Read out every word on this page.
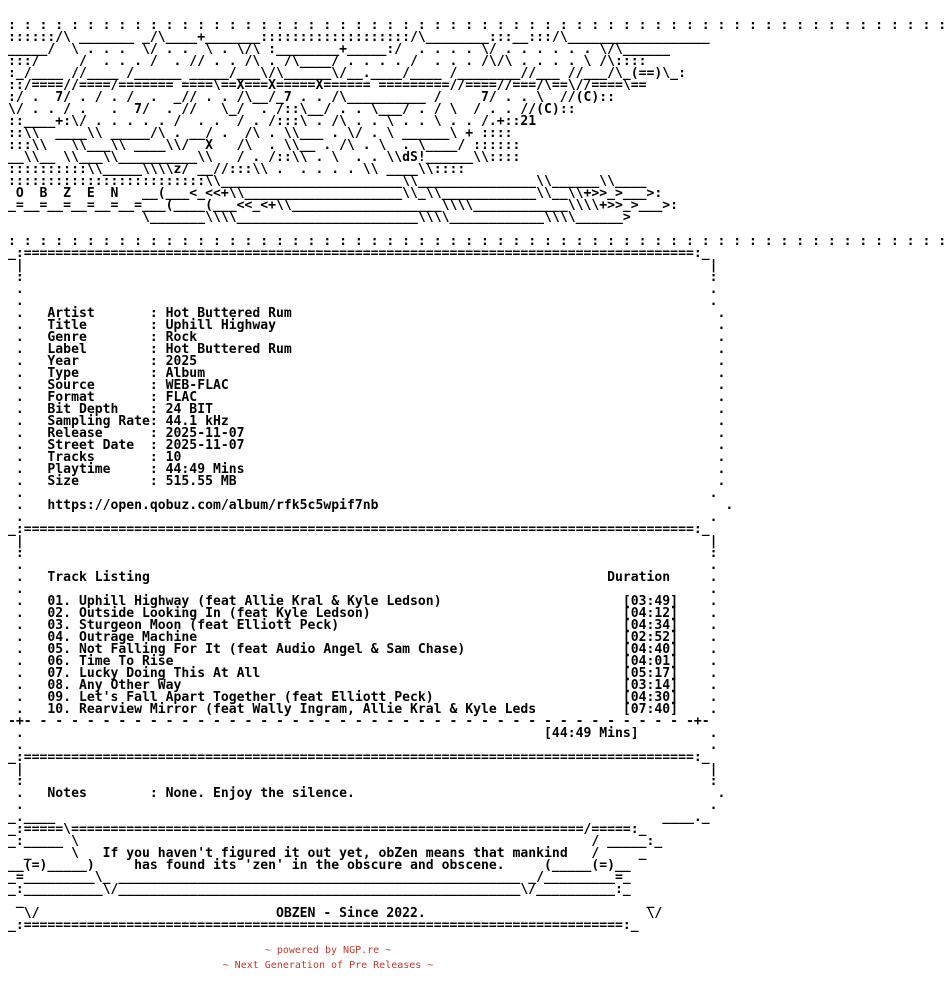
: : : : : : : : : : : : : : : : : : : : : : : : : : : : : : : : : : : : : : : : : : : : : : : : : : : : : : : : : : : :
::::::/\ _______ _/\____+_______:::::::::::::::::::/\________:::__:::/\__________________
_____/  \ . . .  \/ . .  \ . \/\ :________+_____:/  . . . . \/ . . . . . . \/\______
:::/     /  . . . /  . // . . /\ . /\____/ . . . . /  . . . /\/\ . . . . \ /\::::
:_/____ //____ /______ _____/___\/\______\/__.____/____ /________//___ //___/\_(==)\_:
::/====//====/======= ====\==X===X=====X====== =========//====//===/\==\//====\==
:/ .  7/ . / . /  .  _// . . /\__/_7 . . /\__________ /     7/ . . \  //(C)::
\/ . . / .   .  7/  . //   \_/  . /::\__/ . . \___/ . / \  / . . //(C)::
::____+:\/ . . . . . /  . .  / . /:::\ . /\ . . \ . . \ . . /.+::21
::\\  ____\\ _____/\ . __/ .  /\ . \\___ . \/ . \ ______\ + ::::
:::\\   \\___\\ ____\\/  X   /\  . \\__ . /\ . \  . \____/ ::::::
__\\__ \\___\\__________\\   / . /::\\ . \  . . \\dS!______\\::::
::::::::::\\_____\\\\z/ __//:::\\ .  . . . . \\ ____\\::::
:::::::::::::::::::::::::\\_______________________\\_______________\\______\\____
O  B  Z  E  N   __(___<_<<+\\____________________\\_\\____________\\__\\+>>_>___>:
_=__=__=__=__=__=___(____(___<<_<+\\___________________\\\\____________\\\\+>>_>___>:
\_______\\\\_______________________\\\\____________\\\\______>

: : : : : : : : : : : : : : : : : : : : : : : : : : : : : : : : : : : : : : : : : : : : : : : : : : : : : : : : : : : :
_:=====================================================================================:_
|                                                                                       |
:                                                                                       :
.                                                                                       .
.                                                                                       .
.   Artist       : Hot Buttered Rum                                                      .
.   Title        : Uphill Highway                                                        .
.   Genre        : Rock                                                                  .
.   Label        : Hot Buttered Rum                                                      .
.   Year         : 2025                                                                  .
.   Type         : Album                                                                 .
.   Source       : WEB-FLAC                                                              .
.   Format       : FLAC                                                                  .
.   Bit Depth    : 24 BIT                                                                .
.   Sampling Rate: 44.1 kHz                                                              .
.   Release      : 2025-11-07                                                            .
.   Street Date  : 2025-11-07                                                            .
.   Tracks       : 10                                                                    .
.   Playtime     : 44:49 Mins                                                            .
.   Size         : 515.55 MB                                                             .
.                                                                                       .
.   https://open.qobuz.com/album/rfk5c5wpif7nb                                            .
.                                                                                       .
_:=====================================================================================:_
|                                                                                       |
:                                                                                       :
.                                                                                       .
.   Track Listing                                                          Duration     .
.                                                                                       .
.   01. Uphill Highway (feat Allie Kral & Kyle Ledson)                       [03:49]    .
.   02. Outside Looking In (feat Kyle Ledson)                                [04:12]    .
.   03. Sturgeon Moon (feat Elliott Peck)                                    [04:34]    .
.   04. Outrage Machine                                                      [02:52]    .
.   05. Not Falling For It (feat Audio Angel & Sam Chase)                    [04:40]    .
.   06. Time To Rise                                                         [04:01]    .
.   07. Lucky Doing This At All                                              [05:17]    .
.   08. Any Other Way                                                        [03:14]    .
.   09. Let's Fall Apart Together (feat Elliott Peck)                        [04:30]    .
.   10. Rearview Mirror (feat Wally Ingram, Allie Kral & Kyle Leds           [07:40]    .
-+- - - - - - - - - - - - - - - - - - - - - - - - - - - - - - - - - - - - - - - - - - -+-
.                                                                  [44:49 Mins]         .
.                                                                                       .
_:=====================================================================================:_
|                                                                                       |
:                                                                                       :
.   Notes        : None. Enjoy the silence.                                              .
.                                                                                       .
_.____                                                                             ____._
_:=====\=================================================================/=====:_
_:_____ \                                                                 / _____:_
_     \   If you haven't figured it out yet, obZen means that mankind   /     _
__(=)_____)     has found its 'zen' in the obscure and obscene.     (_____(=)__
_=_________\_ ___________________________________________________ _/_________=_
_:__________\/___________________________________________________\/__________:_
_                                                                               _
\/                              OBZEN - Since 2022.                            \/
_:============================================================================:_
~ powered by NGP.re ~
~ Next Generation of Pre Releases ~
